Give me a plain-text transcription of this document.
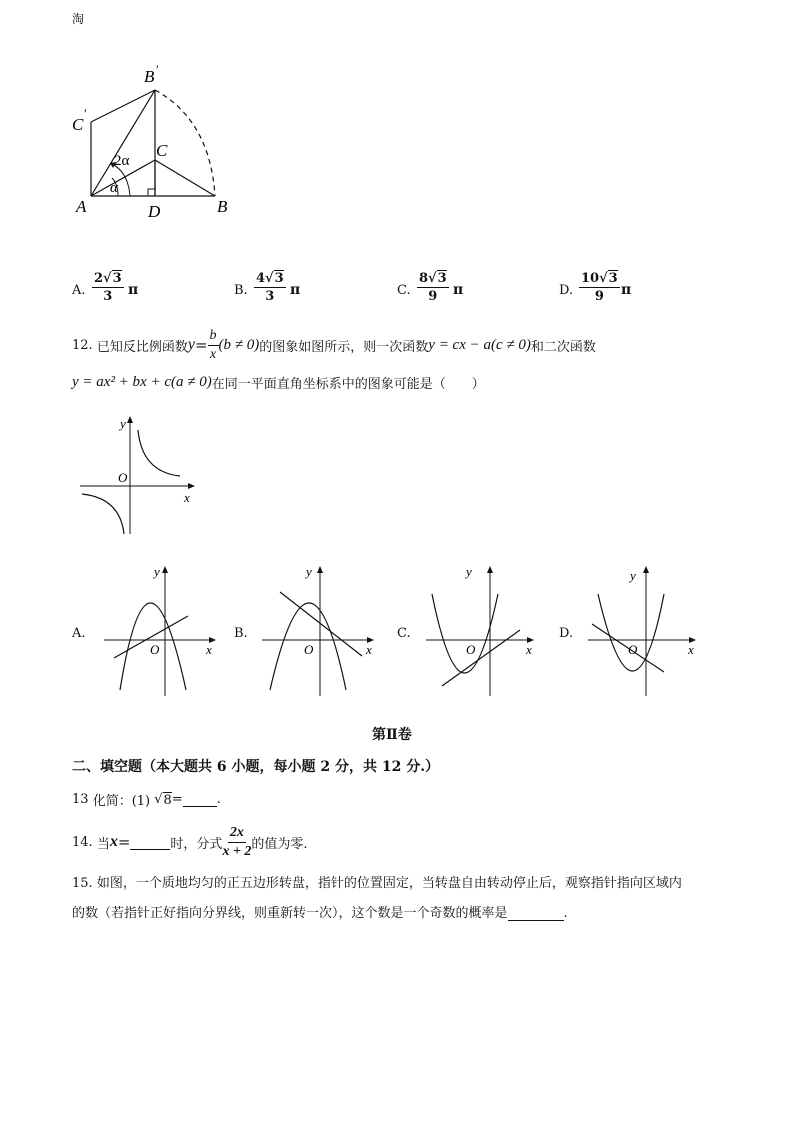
淘
B ′
C
′
2α
C
α
A	D	B
A. $\frac{2√3}{3}$ π	B. $\frac{4√3}{3}$ π	C. $\frac{8√3}{9}$ π	D. $\frac{10√3}{9}$ π
12.
已知反比例函数 $y = \frac{b}{x} (b \ne 0)$ 的图象如图所示，则一次函数 y = cx − a(c ≠ 0) 和二次函数
y = ax² + bx + c(a ≠ 0) 在同一平面直角坐标系中的图象可能是（　　）
y
O
x
A.
y
O	x
B.
y
O	x
C.
y
O	x
D.
y
O	x
第Ⅱ卷
二、填空题（本大题共 6 小题，每小题 2 分，共 12 分.）
13
化简：(1)
√ 8 =	.
14.
当 x =	时，分式 $\frac{2x}{x + 2}$ 的值为零.
15. 如图，一个质地均匀的正五边形转盘，指针的位置固定，当转盘自由转动停止后，观察指针指向区域内
的数（若指针正好指向分界线，则重新转一次），这个数是一个奇数的概率是	.
